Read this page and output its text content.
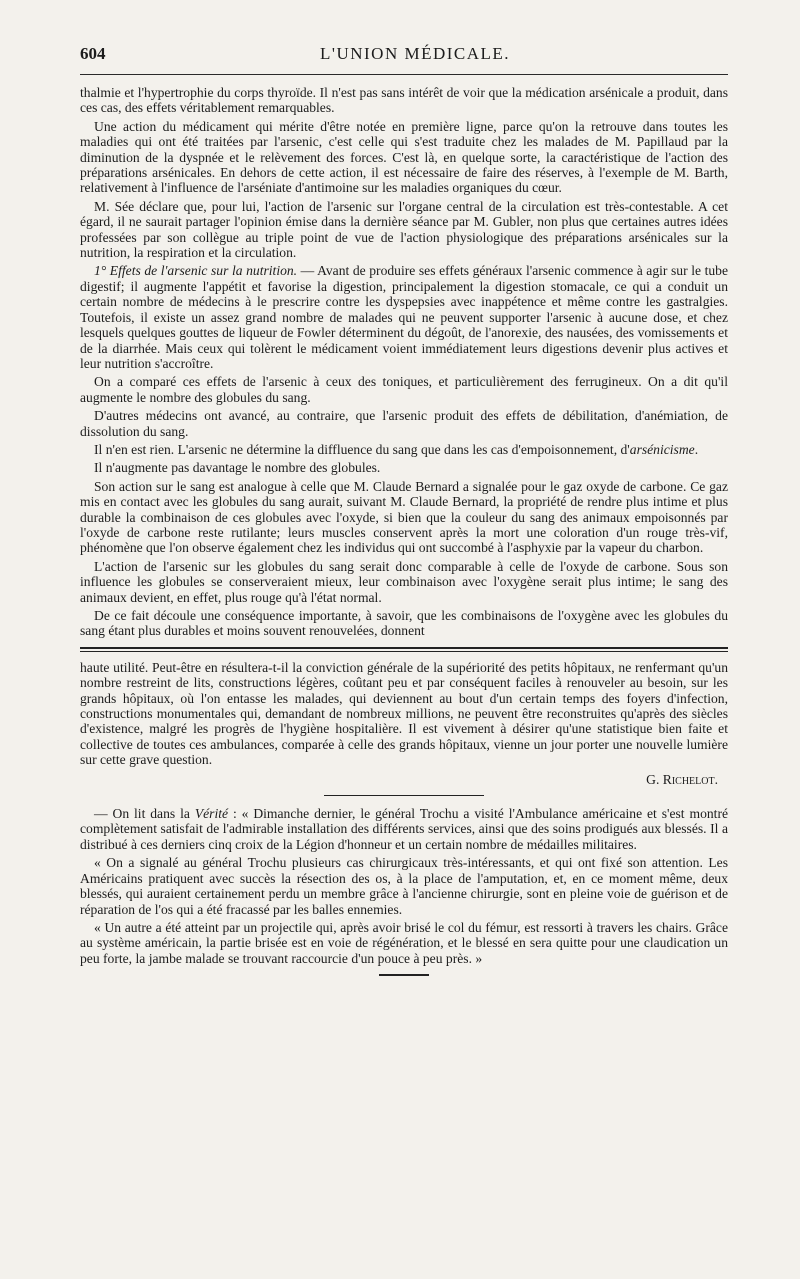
604	L'UNION MÉDICALE.

thalmie et l'hypertrophie du corps thyroïde. Il n'est pas sans intérêt de voir que la médication arsénicale a produit, dans ces cas, des effets véritablement remarquables.

Une action du médicament qui mérite d'être notée en première ligne, parce qu'on la retrouve dans toutes les maladies qui ont été traitées par l'arsenic, c'est celle qui s'est traduite chez les malades de M. Papillaud par la diminution de la dyspnée et le relèvement des forces. C'est là, en quelque sorte, la caractéristique de l'action des préparations arsénicales. En dehors de cette action, il est nécessaire de faire des réserves, à l'exemple de M. Barth, relativement à l'influence de l'arséniate d'antimoine sur les maladies organiques du cœur.

M. Sée déclare que, pour lui, l'action de l'arsenic sur l'organe central de la circulation est très-contestable. A cet égard, il ne saurait partager l'opinion émise dans la dernière séance par M. Gubler, non plus que certaines autres idées professées par son collègue au triple point de vue de l'action physiologique des préparations arsénicales sur la nutrition, la respiration et la circulation.

1° Effets de l'arsenic sur la nutrition. — Avant de produire ses effets généraux l'arsenic commence à agir sur le tube digestif; il augmente l'appétit et favorise la digestion, principalement la digestion stomacale, ce qui a conduit un certain nombre de médecins à le prescrire contre les dyspepsies avec inappétence et même contre les gastralgies. Toutefois, il existe un assez grand nombre de malades qui ne peuvent supporter l'arsenic à aucune dose, et chez lesquels quelques gouttes de liqueur de Fowler déterminent du dégoût, de l'anorexie, des nausées, des vomissements et de la diarrhée. Mais ceux qui tolèrent le médicament voient immédiatement leurs digestions devenir plus actives et leur nutrition s'accroître.

On a comparé ces effets de l'arsenic à ceux des toniques, et particulièrement des ferrugineux. On a dit qu'il augmente le nombre des globules du sang.

D'autres médecins ont avancé, au contraire, que l'arsenic produit des effets de débilitation, d'anémiation, de dissolution du sang.

Il n'en est rien. L'arsenic ne détermine la diffluence du sang que dans les cas d'empoisonnement, d'arsénicisme.

Il n'augmente pas davantage le nombre des globules.

Son action sur le sang est analogue à celle que M. Claude Bernard a signalée pour le gaz oxyde de carbone. Ce gaz mis en contact avec les globules du sang aurait, suivant M. Claude Bernard, la propriété de rendre plus intime et plus durable la combinaison de ces globules avec l'oxyde, si bien que la couleur du sang des animaux empoisonnés par l'oxyde de carbone reste rutilante; leurs muscles conservent après la mort une coloration d'un rouge très-vif, phénomène que l'on observe également chez les individus qui ont succombé à l'asphyxie par la vapeur du charbon.

L'action de l'arsenic sur les globules du sang serait donc comparable à celle de l'oxyde de carbone. Sous son influence les globules se conserveraient mieux, leur combinaison avec l'oxygène serait plus intime; le sang des animaux devient, en effet, plus rouge qu'à l'état normal.

De ce fait découle une conséquence importante, à savoir, que les combinaisons de l'oxygène avec les globules du sang étant plus durables et moins souvent renouvelées, donnent

haute utilité. Peut-être en résultera-t-il la conviction générale de la supériorité des petits hôpitaux, ne renfermant qu'un nombre restreint de lits, constructions légères, coûtant peu et par conséquent faciles à renouveler au besoin, sur les grands hôpitaux, où l'on entasse les malades, qui deviennent au bout d'un certain temps des foyers d'infection, constructions monumentales qui, demandant de nombreux millions, ne peuvent être reconstruites qu'après des siècles d'existence, malgré les progrès de l'hygiène hospitalière. Il est vivement à désirer qu'une statistique bien faite et collective de toutes ces ambulances, comparée à celle des grands hôpitaux, vienne un jour porter une nouvelle lumière sur cette grave question.

G. Richelot.

— On lit dans la Vérité : « Dimanche dernier, le général Trochu a visité l'Ambulance américaine et s'est montré complètement satisfait de l'admirable installation des différents services, ainsi que des soins prodigués aux blessés. Il a distribué à ces derniers cinq croix de la Légion d'honneur et un certain nombre de médailles militaires.

« On a signalé au général Trochu plusieurs cas chirurgicaux très-intéressants, et qui ont fixé son attention. Les Américains pratiquent avec succès la résection des os, à la place de l'amputation, et, en ce moment même, deux blessés, qui auraient certainement perdu un membre grâce à l'ancienne chirurgie, sont en pleine voie de guérison et de réparation de l'os qui a été fracassé par les balles ennemies.

« Un autre a été atteint par un projectile qui, après avoir brisé le col du fémur, est ressorti à travers les chairs. Grâce au système américain, la partie brisée est en voie de régénération, et le blessé en sera quitte pour une claudication un peu forte, la jambe malade se trouvant raccourcie d'un pouce à peu près. »
